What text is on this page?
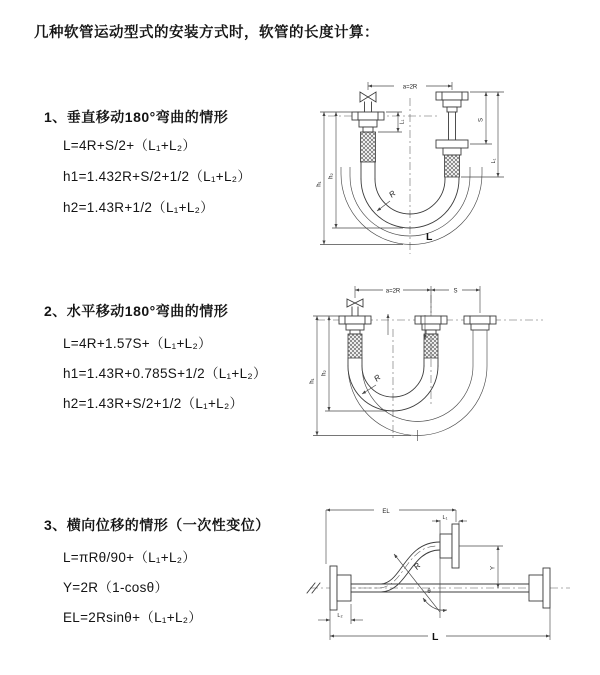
几种软管运动型式的安装方式时，软管的长度计算：
1、垂直移动180°弯曲的情形
L=4R+S/2+（L₁+L₂）
h1=1.432R+S/2+1/2（L₁+L₂）
h2=1.43R+1/2（L₁+L₂）
2、水平移动180°弯曲的情形
L=4R+1.57S+（L₁+L₂）
h1=1.43R+0.785S+1/2（L₁+L₂）
h2=1.43R+S/2+1/2（L₁+L₂）
3、横向位移的情形（一次性变位）
L=πRθ/90+（L₁+L₂）
Y=2R（1-cosθ）
EL=2Rsinθ+（L₁+L₂）
a=2R
h₁
h₂
L₁	S
L₁
R
L
a=2R	S
h₁
h₂	R
EL
L₁
Y
R
θ
L
L₂
